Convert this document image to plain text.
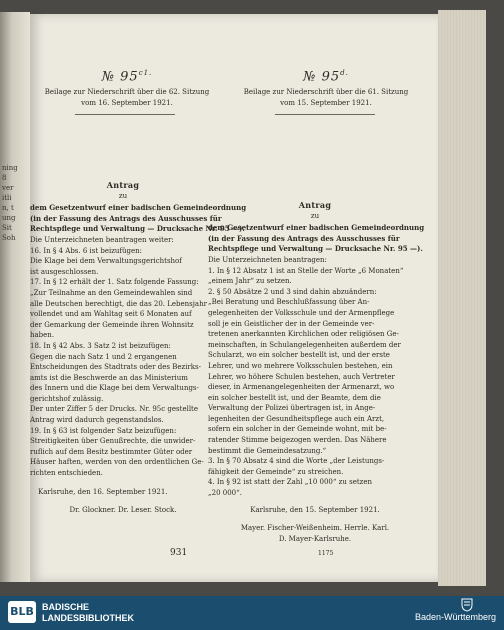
ning
8
ver
itli
n, t
ung
Sit
Soh
№ $95^{c1.}$

Beilage zur Niederschrift über die 62. Sitzung

vom 16. September 1921.

Antrag

zu

dem Gesetzentwurf einer badischen Gemeindeordnung

(in der Fassung des Antrags des Ausschusses für

Rechtspflege und Verwaltung — Drucksache Nr. 95 —).

Die Unterzeichneten beantragen weiter:

16. In § 4 Abs. 6 ist beizufügen:

Die Klage bei dem Verwaltungsgerichtshof

ist ausgeschlossen.

17. In § 12 erhält der 1. Satz folgende Fassung:

„Zur Teilnahme an den Gemeindewahlen sind

alle Deutschen berechtigt, die das 20. Lebensjahr

vollendet und am Wahltag seit 6 Monaten auf

der Gemarkung der Gemeinde ihren Wohnsitz

haben.

18. In § 42 Abs. 3 Satz 2 ist beizufügen:

Gegen die nach Satz 1 und 2 ergangenen

Entscheidungen des Stadtrats oder des Bezirks-

amts ist die Beschwerde an das Ministerium

des Innern und die Klage bei dem Verwaltungs-

gerichtshof zulässig.

Der unter Ziffer 5 der Drucks. Nr. 95c gestellte

Antrag wird dadurch gegenstandslos.

19. In § 63 ist folgender Satz beizufügen:

Streitigkeiten über Genußrechte, die unwider-

ruflich auf dem Besitz bestimmter Güter oder

Häuser haften, werden von den ordentlichen Ge-

richten entschieden.

Karlsruhe, den 16. September 1921.

Dr. Glockner. Dr. Leser. Stock.

№ $95^{d.}$

Beilage zur Niederschrift über die 61. Sitzung

vom 15. September 1921.

Antrag

zu

dem Gesetzentwurf einer badischen Gemeindeordnung

(in der Fassung des Antrags des Ausschusses für

Rechtspflege und Verwaltung — Drucksache Nr. 95 —).

Die Unterzeichneten beantragen:

1. In § 12 Absatz 1 ist an Stelle der Worte „6 Monaten“

„einem Jahr“ zu setzen.

2. § 50 Absätze 2 und 3 sind dahin abzuändern:

„Bei Beratung und Beschlußfassung über An-

gelegenheiten der Volksschule und der Armenpflege

soll je ein Geistlicher der in der Gemeinde ver-

tretenen anerkannten Kirchlichen oder religiösen Ge-

meinschaften, in Schulangelegenheiten außerdem der

Schularzt, wo ein solcher bestellt ist, und der erste

Lehrer, und wo mehrere Volksschulen bestehen, ein

Lehrer, wo höhere Schulen bestehen, auch Vertreter

dieser, in Armenangelegenheiten der Armenarzt, wo

ein solcher bestellt ist, und der Beamte, dem die

Verwaltung der Polizei übertragen ist, in Ange-

legenheiten der Gesundheitspflege auch ein Arzt,

sofern ein solcher in der Gemeinde wohnt, mit be-

ratender Stimme beigezogen werden. Das Nähere

bestimmt die Gemeindesatzung.“

3. In § 70 Absatz 4 sind die Worte „der Leistungs-

fähigkeit der Gemeinde“ zu streichen.

4. In § 92 ist statt der Zahl „10 000“ zu setzen

„20 000“.

Karlsruhe, den 15. September 1921.

Mayer. Fischer-Weißenheim. Herrle. Karl.

D. Mayer-Karlsruhe.

931	1175
BLB BADISCHE
LANDESBIBLIOTHEK	Baden-Württemberg
